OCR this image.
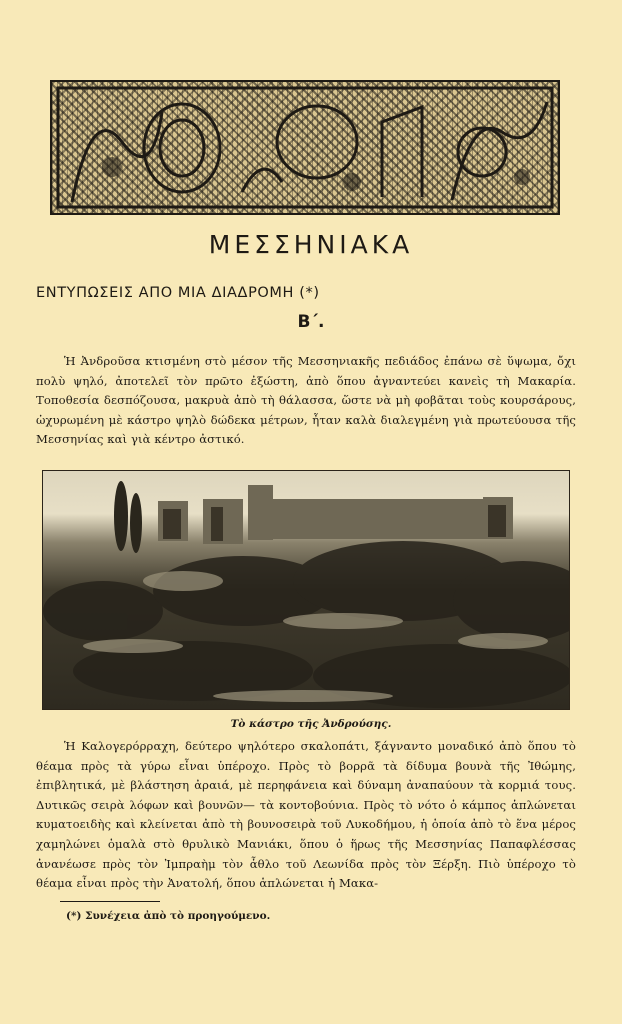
ΜΕΣΣΗΝΙΑΚΑ
ΕΝΤΥΠΩΣΕΙΣ ΑΠΟ ΜΙΑ ΔΙΑΔΡΟΜΗ (*)
Β΄.

Ἡ Ἀνδροῦσα κτισμένη στὸ μέσον τῆς Μεσσηνιακῆς πεδιάδος ἐπάνω σὲ ὕψωμα, ὄχι πολὺ ψηλό, ἀποτελεῖ τὸν πρῶτο ἐξώστη, ἀπὸ ὅπου ἀγναντεύει κανεὶς τὴ Μακαρία. Τοποθεσία δεσπόζουσα, μακρυὰ ἀπὸ τὴ θάλασσα, ὥστε νὰ μὴ φοβᾶται τοὺς κουρσάρους, ὠχυρωμένη μὲ κάστρο ψηλὸ δώδεκα μέτρων, ἦταν καλὰ διαλεγμένη γιὰ πρωτεύουσα τῆς Μεσσηνίας καὶ γιὰ κέντρο ἀστικό.

Τὸ κάστρο τῆς Ἀνδρούσης.

Ἡ Καλογερόρραχη, δεύτερο ψηλότερο σκαλοπάτι, ξάγναντο μοναδικό ἀπὸ ὅπου τὸ θέαμα πρὸς τὰ γύρω εἶναι ὑπέροχο. Πρὸς τὸ βορρᾶ τὰ δίδυμα βουνὰ τῆς Ἰθώμης, ἐπιβλητικά, μὲ βλάστηση ἀραιά, μὲ περηφάνεια καὶ δύναμη ἀναπαύουν τὰ κορμιά τους. Δυτικῶς σειρὰ λόφων καὶ βουνῶν— τὰ κοντοβούνια. Πρὸς τὸ νότο ὁ κάμπος ἁπλώνεται κυματοειδὴς καὶ κλείνεται ἀπὸ τὴ βουνοσειρὰ τοῦ Λυκοδήμου, ἡ ὁποία ἀπὸ τὸ ἕνα μέρος χαμηλώνει ὁμαλὰ στὸ θρυλικὸ Μανιάκι, ὅπου ὁ ἥρως τῆς Μεσσηνίας Παπαφλέσσας ἀνανέωσε πρὸς τὸν Ἰμπραὴμ τὸν ἆθλο τοῦ Λεωνίδα πρὸς τὸν Ξέρξη. Πιὸ ὑπέροχο τὸ θέαμα εἶναι πρὸς τὴν Ἀνατολή, ὅπου ἁπλώνεται ἡ Μακα-

(*) Συνέχεια ἀπὸ τὸ προηγούμενο.
